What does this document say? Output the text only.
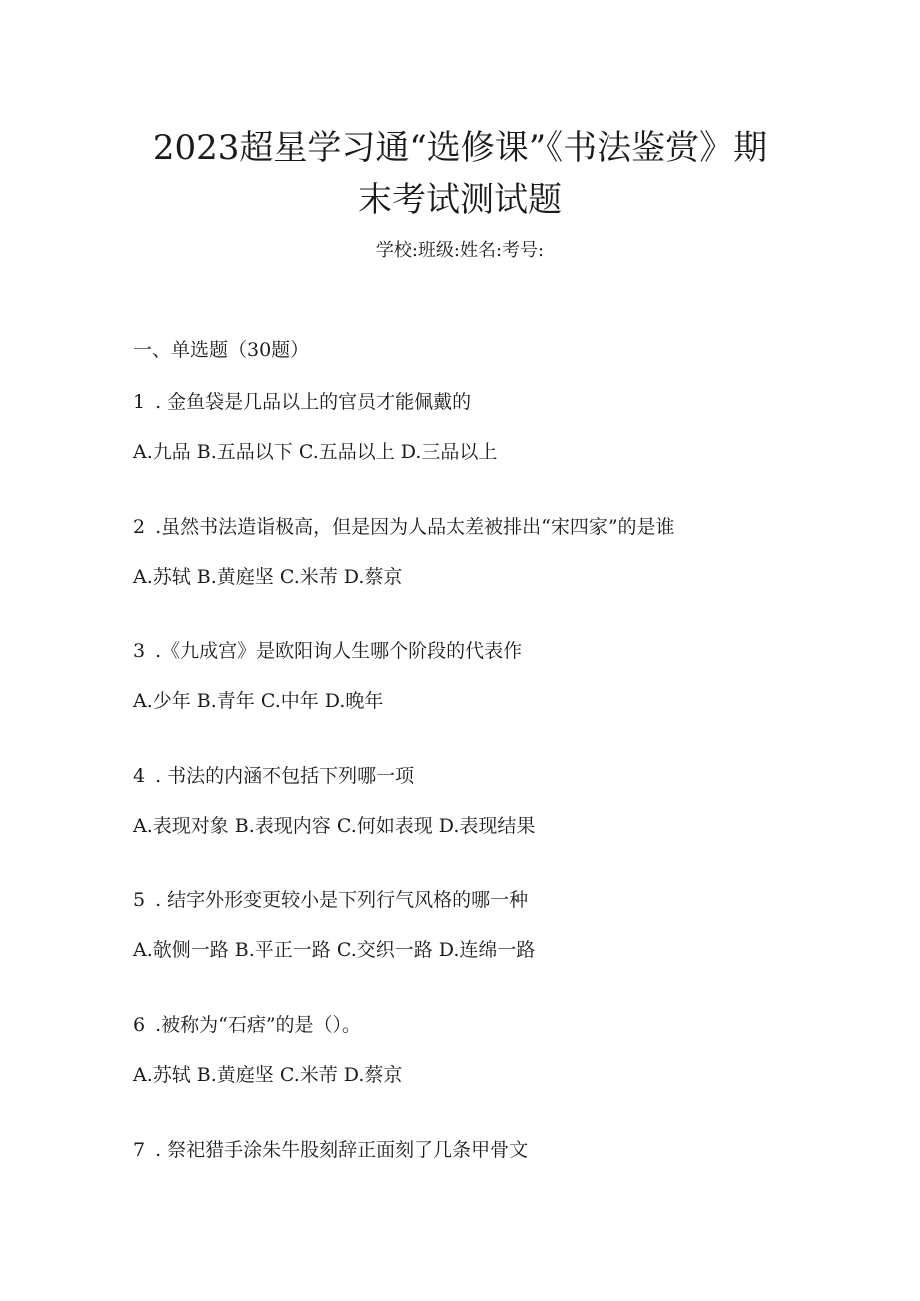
2023超星学习通“选修课”《书法鉴赏》期
末考试测试题
学校:班级:姓名:考号:
一、单选题（30题）
1 . 金鱼袋是几品以上的官员才能佩戴的
A.九品 B.五品以下 C.五品以上 D.三品以上
2 .虽然书法造诣极高，但是因为人品太差被排出“宋四家”的是谁
A.苏轼 B.黄庭坚 C.米芾 D.蔡京
3 .《九成宫》是欧阳询人生哪个阶段的代表作
A.少年 B.青年 C.中年 D.晚年
4 . 书法的内涵不包括下列哪一项
A.表现对象 B.表现内容 C.何如表现 D.表现结果
5 . 结字外形变更较小是下列行气风格的哪一种
A.欹侧一路 B.平正一路 C.交织一路 D.连绵一路
6 .被称为“石痞”的是（）。
A.苏轼 B.黄庭坚 C.米芾 D.蔡京
7 . 祭祀猎手涂朱牛股刻辞正面刻了几条甲骨文
